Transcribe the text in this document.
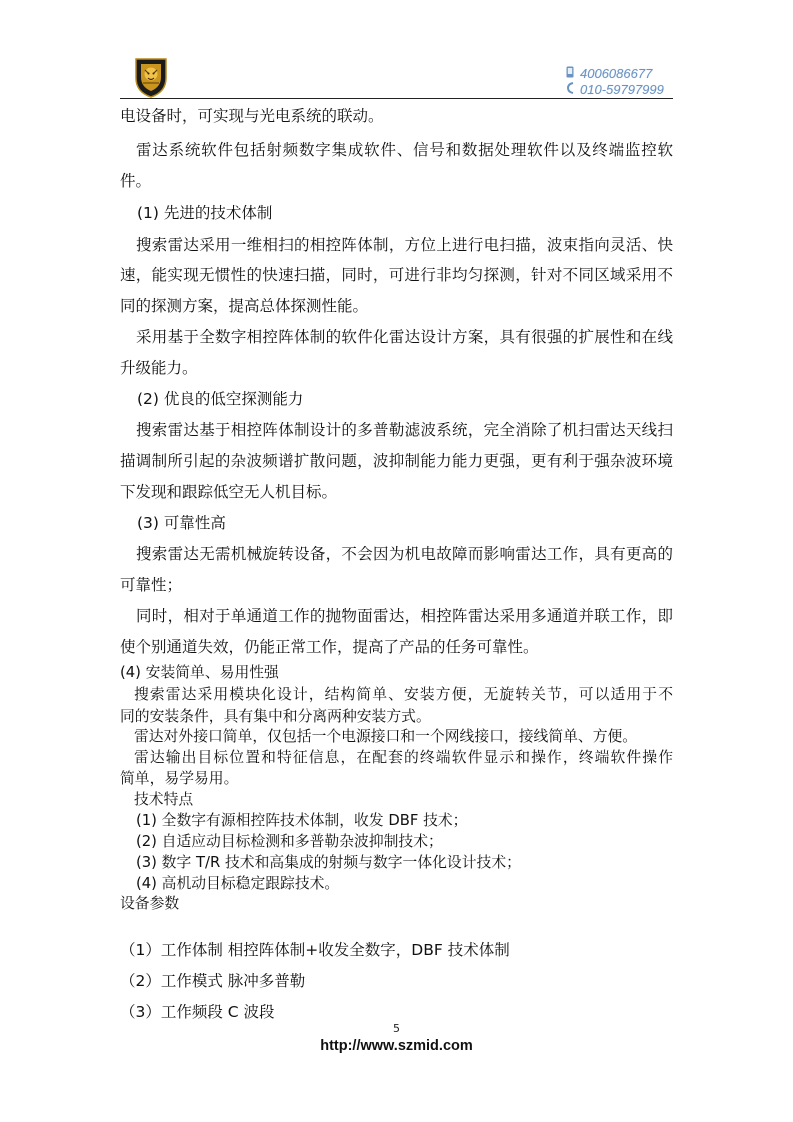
4006086677
010-59797999

电设备时，可实现与光电系统的联动。

雷达系统软件包括射频数字集成软件、信号和数据处理软件以及终端监控软

件。

(1) 先进的技术体制

搜索雷达采用一维相扫的相控阵体制，方位上进行电扫描，波束指向灵活、快

速，能实现无惯性的快速扫描，同时，可进行非均匀探测，针对不同区域采用不

同的探测方案，提高总体探测性能。

采用基于全数字相控阵体制的软件化雷达设计方案，具有很强的扩展性和在线

升级能力。

(2) 优良的低空探测能力

搜索雷达基于相控阵体制设计的多普勒滤波系统，完全消除了机扫雷达天线扫

描调制所引起的杂波频谱扩散问题，波抑制能力能力更强，更有利于强杂波环境

下发现和跟踪低空无人机目标。

(3) 可靠性高

搜索雷达无需机械旋转设备，不会因为机电故障而影响雷达工作，具有更高的

可靠性；

同时，相对于单通道工作的抛物面雷达，相控阵雷达采用多通道并联工作，即

使个别通道失效，仍能正常工作，提高了产品的任务可靠性。

(4) 安装简单、易用性强

搜索雷达采用模块化设计，结构简单、安装方便，无旋转关节，可以适用于不

同的安装条件，具有集中和分离两种安装方式。

雷达对外接口简单，仅包括一个电源接口和一个网线接口，接线简单、方便。

雷达输出目标位置和特征信息，在配套的终端软件显示和操作，终端软件操作

简单，易学易用。

技术特点

(1) 全数字有源相控阵技术体制，收发 DBF 技术；

(2) 自适应动目标检测和多普勒杂波抑制技术；

(3) 数字 T/R 技术和高集成的射频与数字一体化设计技术；

(4) 高机动目标稳定跟踪技术。

设备参数

（1）工作体制 相控阵体制+收发全数字，DBF 技术体制

（2）工作模式 脉冲多普勒

（3）工作频段 C 波段

5
http://www.szmid.com
